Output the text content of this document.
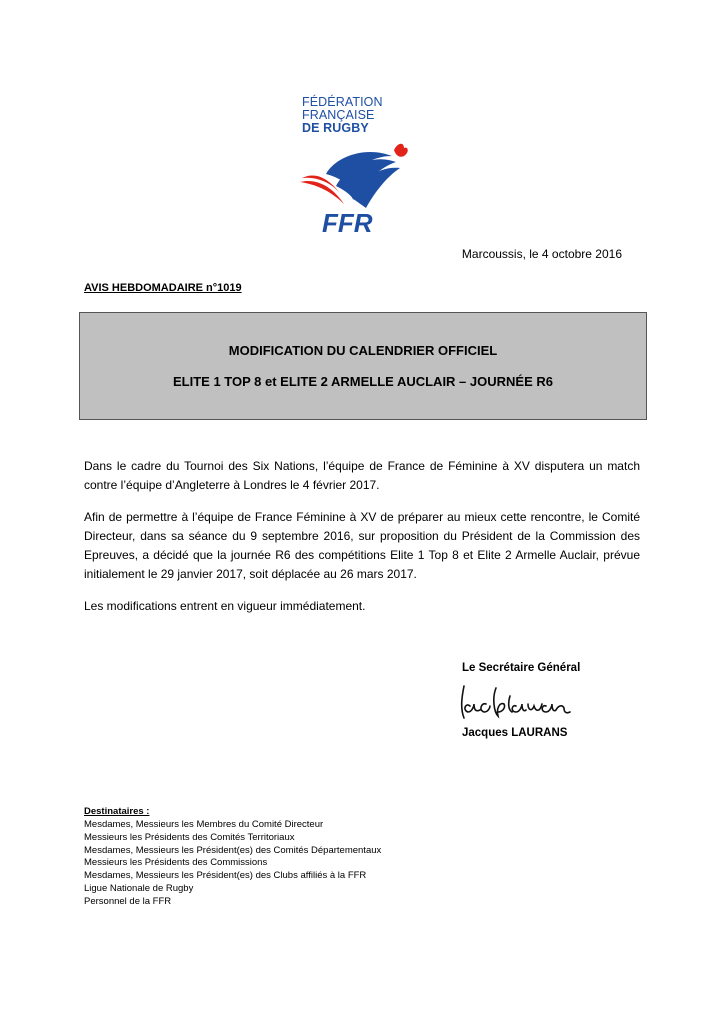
FÉDÉRATION
FRANÇAISE
DE RUGBY
FFR
Marcoussis, le 4 octobre 2016
AVIS HEBDOMADAIRE n°1019
MODIFICATION DU CALENDRIER OFFICIEL
ELITE 1 TOP 8 et ELITE 2 ARMELLE AUCLAIR – JOURNÉE R6
Dans le cadre du Tournoi des Six Nations, l’équipe de France de Féminine à XV disputera un match contre l’équipe d’Angleterre à Londres le 4 février 2017.
Afin de permettre à l’équipe de France Féminine à XV de préparer au mieux cette rencontre, le Comité Directeur, dans sa séance du 9 septembre 2016, sur proposition du Président de la Commission des Epreuves, a décidé que la journée R6 des compétitions Elite 1 Top 8 et Elite 2 Armelle Auclair, prévue initialement le 29 janvier 2017, soit déplacée au 26 mars 2017.
Les modifications entrent en vigueur immédiatement.
Le Secrétaire Général
Jacques LAURANS
Destinataires :
Mesdames, Messieurs les Membres du Comité Directeur
Messieurs les Présidents des Comités Territoriaux
Mesdames, Messieurs les Président(es) des Comités Départementaux
Messieurs les Présidents des Commissions
Mesdames, Messieurs les Président(es) des Clubs affiliés à la FFR
Ligue Nationale de Rugby
Personnel de la FFR
